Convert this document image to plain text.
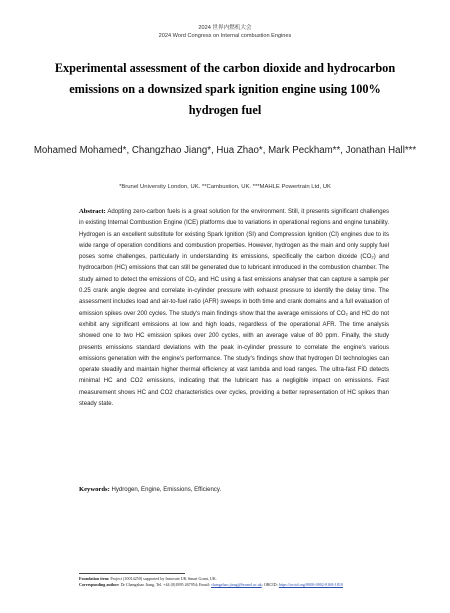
2024 世界内燃机大会
2024 Word Congress on Internal combustion Engines
Experimental assessment of the carbon dioxide and hydrocarbon emissions on a downsized spark ignition engine using 100% hydrogen fuel
Mohamed Mohamed*, Changzhao Jiang*, Hua Zhao*, Mark Peckham**, Jonathan Hall***
*Brunel University London, UK. **Cambustion, UK. ***MAHLE Powertrain Ltd, UK
Abstract: Adopting zero-carbon fuels is a great solution for the environment. Still, it presents significant challenges in existing Internal Combustion Engine (ICE) platforms due to variations in operational regions and engine tunability. Hydrogen is an excellent substitute for existing Spark Ignition (SI) and Compression Ignition (CI) engines due to its wide range of operation conditions and combustion properties. However, hydrogen as the main and only supply fuel poses some challenges, particularly in understanding its emissions, specifically the carbon dioxide (CO₂) and hydrocarbon (HC) emissions that can still be generated due to lubricant introduced in the combustion chamber. The study aimed to detect the emissions of CO₂ and HC using a fast emissions analyser that can capture a sample per 0.25 crank angle degree and correlate in-cylinder pressure with exhaust pressure to identify the delay time. The assessment includes load and air-to-fuel ratio (AFR) sweeps in both time and crank domains and a full evaluation of emission spikes over 200 cycles. The study's main findings show that the average emissions of CO₂ and HC do not exhibit any significant emissions at low and high loads, regardless of the operational AFR. The time analysis showed one to two HC emission spikes over 200 cycles, with an average value of 80 ppm. Finally, the study presents emissions standard deviations with the peak in-cylinder pressure to correlate the engine's various emissions generation with the engine's performance. The study's findings show that hydrogen DI technologies can operate steadily and maintain higher thermal efficiency at vast lambda and load ranges. The ultra-fast FID detects minimal HC and CO2 emissions, indicating that the lubricant has a negligible impact on emissions. Fast measurement shows HC and CO2 characteristics over cycles, providing a better representation of HC spikes than steady state.
Keywords: Hydrogen, Engine, Emissions, Efficiency.
Foundation item: Project (10014250) supported by Innovate UK Smart Grant, UK.
Corresponding author: Dr Changzhao Jiang, Tel. +44 (0)1895 267954; Email: changzhao.jiang@brunel.ac.uk; ORCID: https://orcid.org/0000-0002-8168-1810
